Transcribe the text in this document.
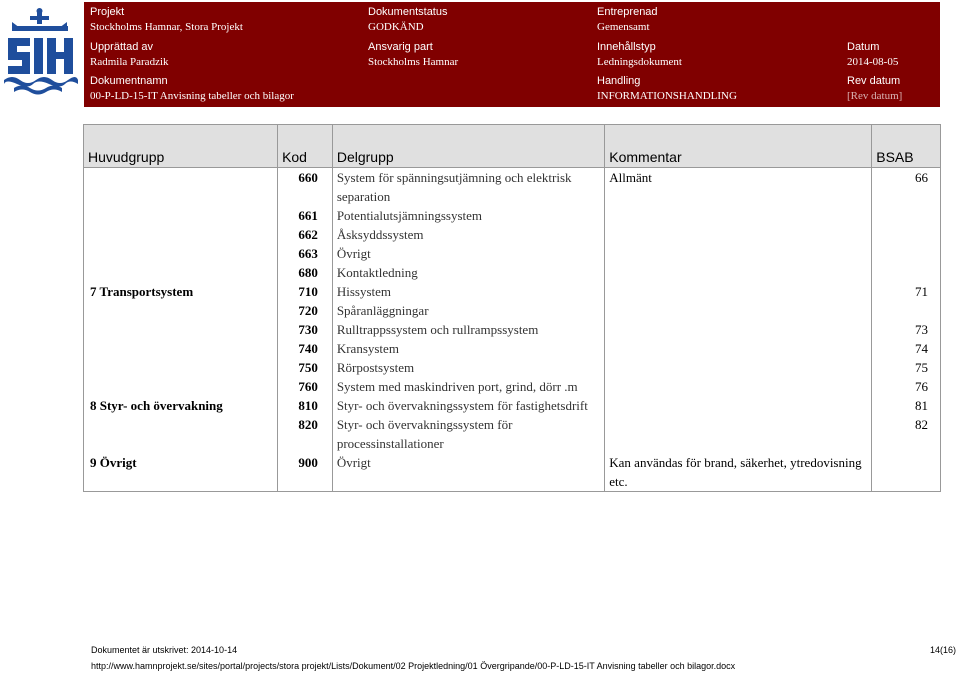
Projekt
Stockholms Hamnar, Stora Projekt
Dokumentstatus
GODKÄND
Entreprenad
Gemensamt
Upprättad av
Radmila Paradzik
Ansvarig part
Stockholms Hamnar
Innehållstyp
Ledningsdokument
Datum
2014-08-05
Dokumentnamn
00-P-LD-15-IT Anvisning tabeller och bilagor
Handling
INFORMATIONSHANDLING
Rev datum
[Rev datum]
Huvudgrupp	Kod	Delgrupp	Kommentar	BSAB
	660	System för spänningsutjämning och elektrisk separation	Allmänt	66
	661	Potentialutsjämningssystem		
	662	Åsksyddssystem		
	663	Övrigt		
	680	Kontaktledning		
7 Transportsystem	710	Hissystem		71
	720	Spåranläggningar		
	730	Rulltrappssystem och rullrampssystem		73
	740	Kransystem		74
	750	Rörpostsystem		75
	760	System med maskindriven port, grind, dörr .m		76
8 Styr- och övervakning	810	Styr- och övervakningssystem för fastighetsdrift		81
	820	Styr- och övervakningssystem för processinstallationer		82
9 Övrigt	900	Övrigt	Kan användas för brand, säkerhet, ytredovisning etc.	
Dokumentet är utskrivet: 2014-10-14	14(16)
http://www.hamnprojekt.se/sites/portal/projects/stora projekt/Lists/Dokument/02 Projektledning/01 Övergripande/00-P-LD-15-IT Anvisning tabeller och bilagor.docx
